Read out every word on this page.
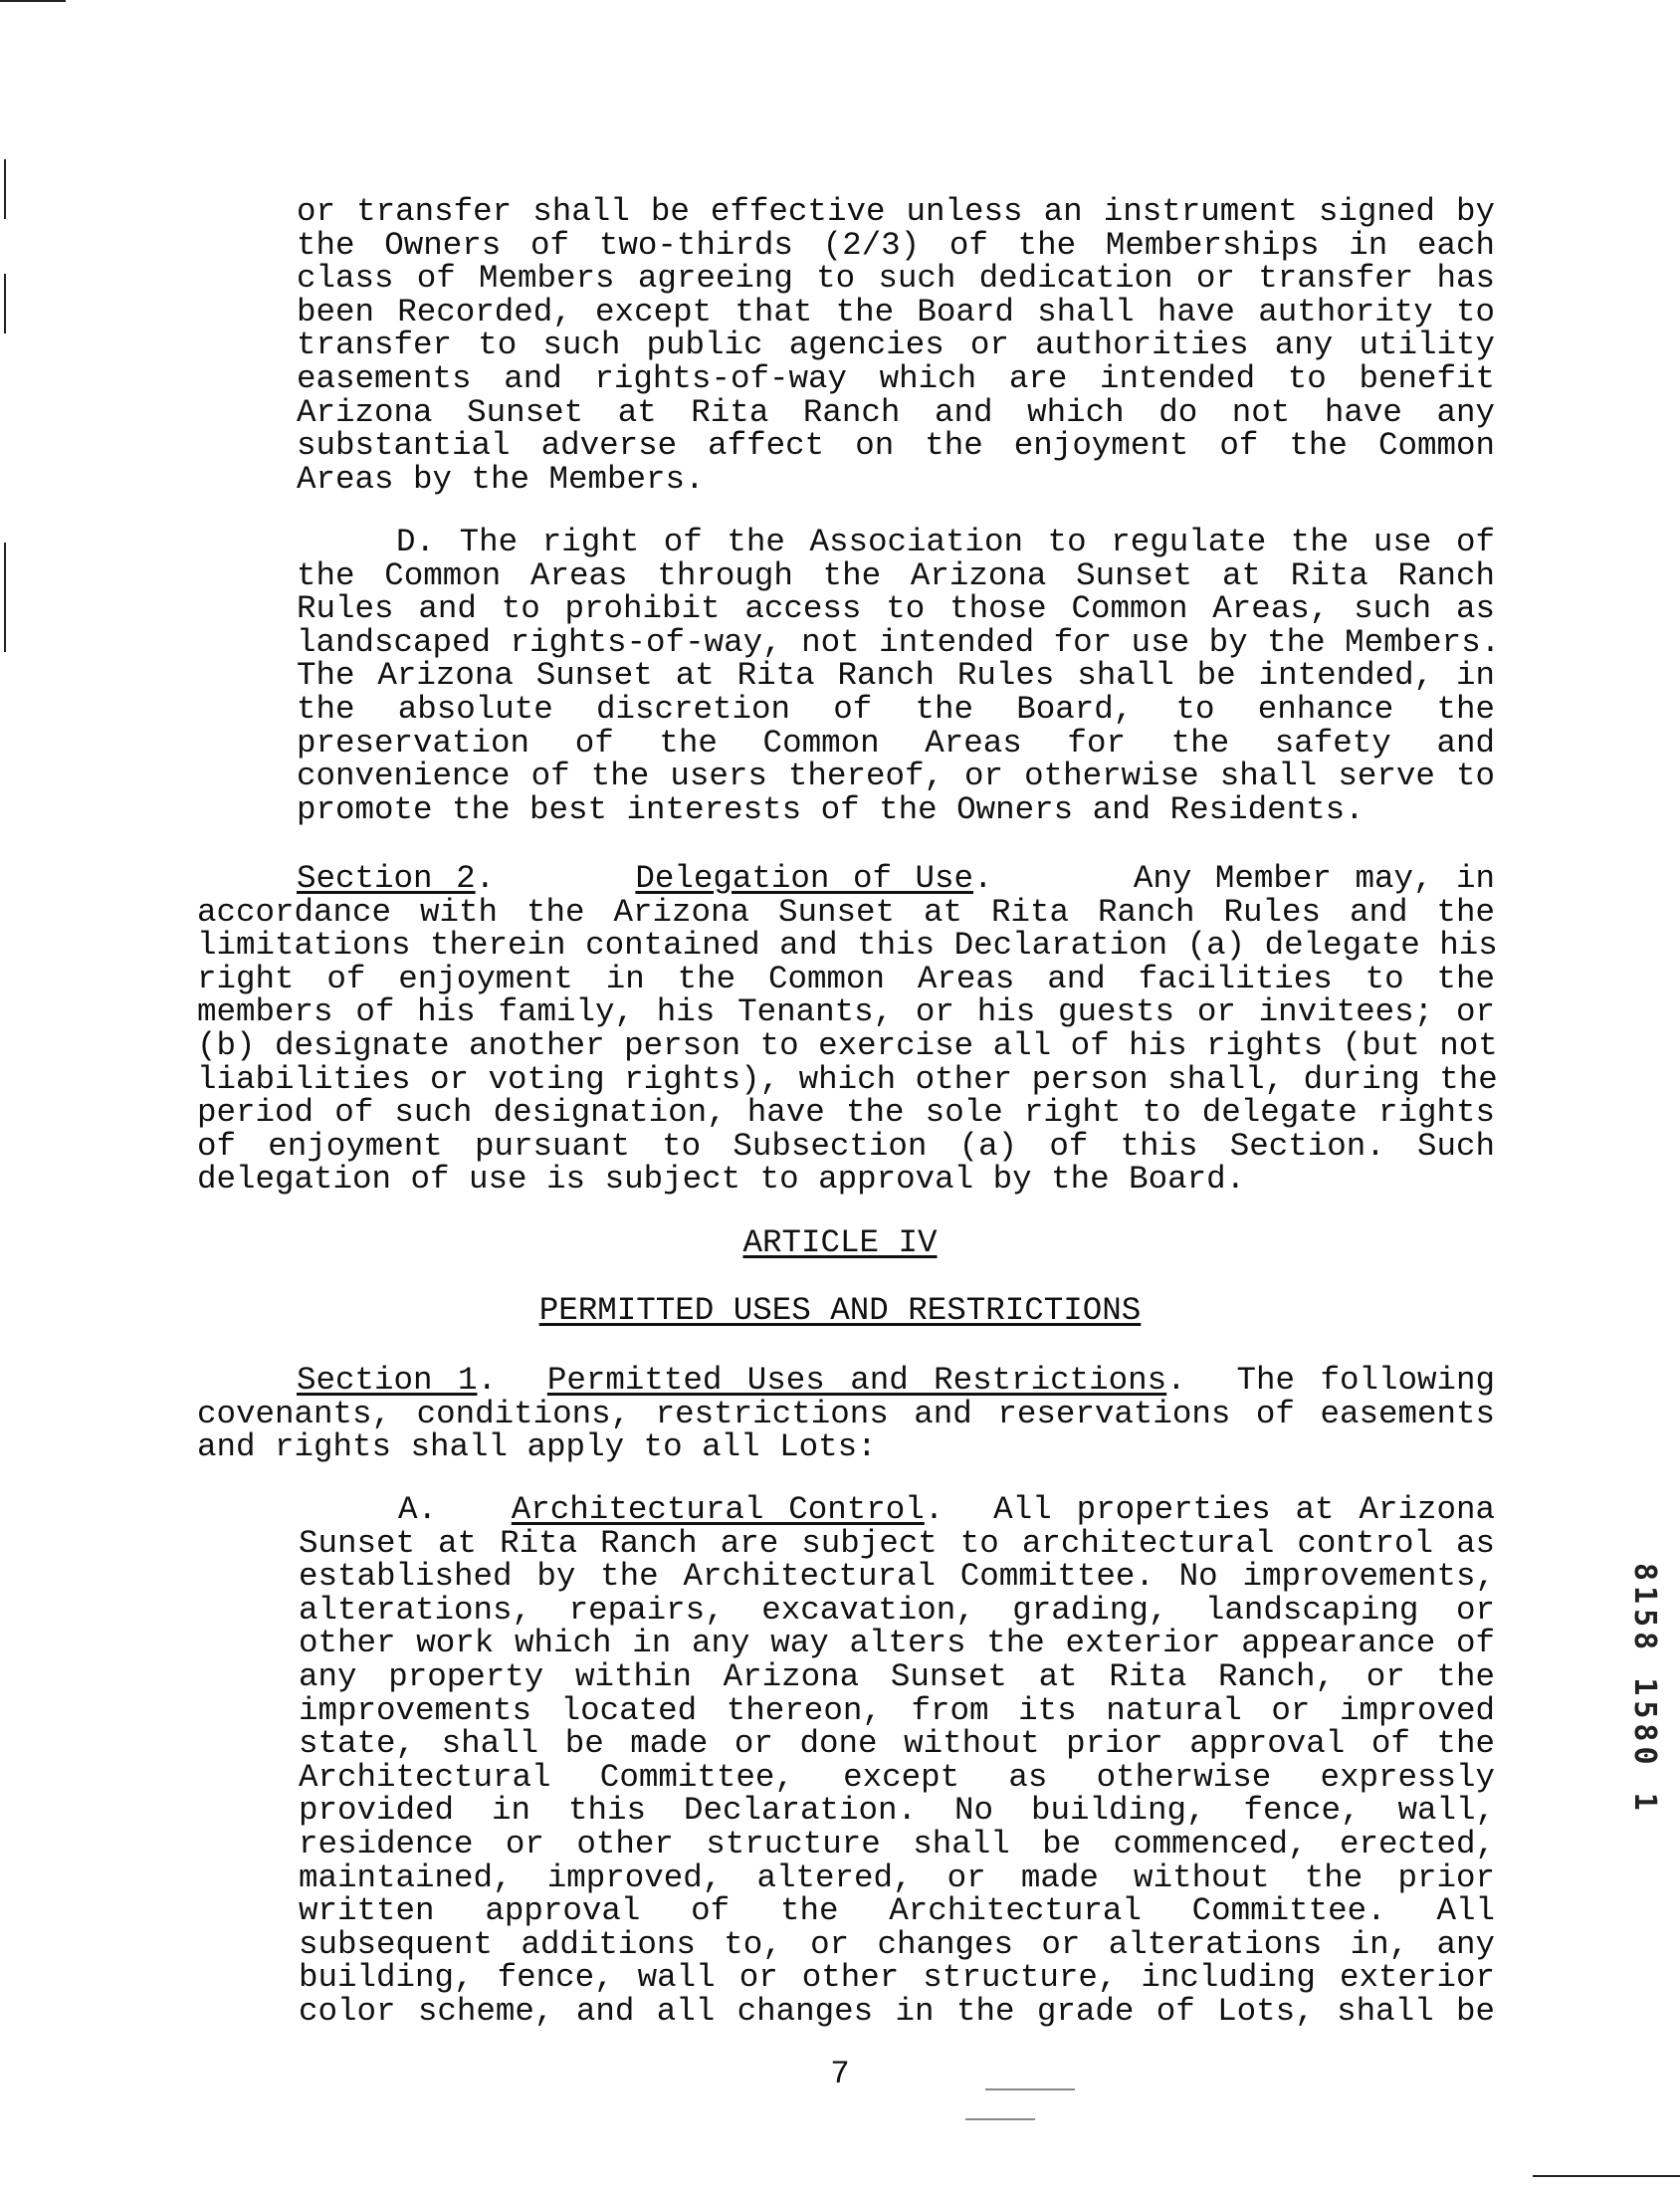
or transfer shall be effective unless an instrument signed by
the Owners of two-thirds (2/3) of the Memberships in each
class of Members agreeing to such dedication or transfer has
been Recorded, except that the Board shall have authority to
transfer to such public agencies or authorities any utility
easements and rights-of-way which are intended to benefit
Arizona Sunset at Rita Ranch and which do not have any
substantial adverse affect on the enjoyment of the Common
Areas by the Members.
D. The right of the Association to regulate the use of
the Common Areas through the Arizona Sunset at Rita Ranch
Rules and to prohibit access to those Common Areas, such as
landscaped rights-of-way, not intended for use by the Members.
The Arizona Sunset at Rita Ranch Rules shall be intended, in
the absolute discretion of the Board, to enhance the
preservation of the Common Areas for the safety and
convenience of the users thereof, or otherwise shall serve to
promote the best interests of the Owners and Residents.
Section 2.      Delegation of Use.      Any Member may, in
accordance with the Arizona Sunset at Rita Ranch Rules and the
limitations therein contained and this Declaration (a) delegate his
right of enjoyment in the Common Areas and facilities to the
members of his family, his Tenants, or his guests or invitees; or
(b) designate another person to exercise all of his rights (but not
liabilities or voting rights), which other person shall, during the
period of such designation, have the sole right to delegate rights
of enjoyment pursuant to Subsection (a) of this Section. Such
delegation of use is subject to approval by the Board.
ARTICLE IV
PERMITTED USES AND RESTRICTIONS
Section 1.  Permitted Uses and Restrictions.  The following
covenants, conditions, restrictions and reservations of easements
and rights shall apply to all Lots:
A. Architectural Control.  All properties at Arizona
Sunset at Rita Ranch are subject to architectural control as
established by the Architectural Committee. No improvements,
alterations, repairs, excavation, grading, landscaping or
other work which in any way alters the exterior appearance of
any property within Arizona Sunset at Rita Ranch, or the
improvements located thereon, from its natural or improved
state, shall be made or done without prior approval of the
Architectural Committee, except as otherwise expressly
provided in this Declaration. No building, fence, wall,
residence or other structure shall be commenced, erected,
maintained, improved, altered, or made without the prior
written approval of the Architectural Committee. All
subsequent additions to, or changes or alterations in, any
building, fence, wall or other structure, including exterior
color scheme, and all changes in the grade of Lots, shall be
7
8158 1580 1
